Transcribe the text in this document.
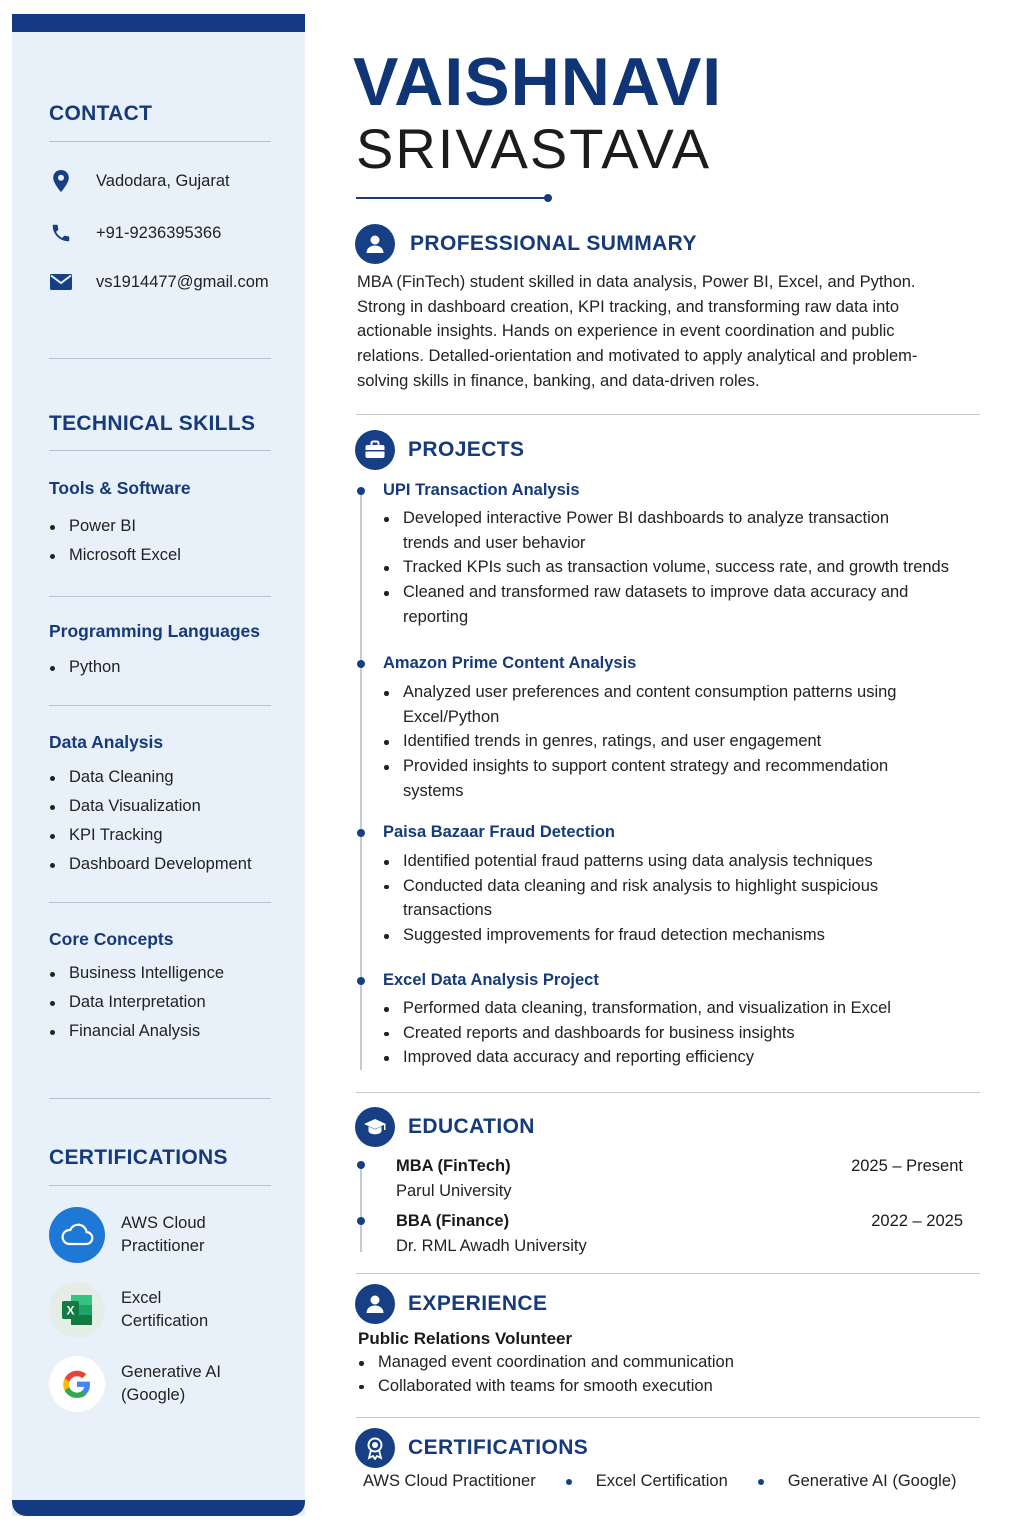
CONTACT
Vadodara, Gujarat
+91-9236395366
vs1914477@gmail.com
TECHNICAL SKILLS
Tools & Software
Power BI
Microsoft Excel
Programming Languages
Python
Data Analysis
Data Cleaning
Data Visualization
KPI Tracking
Dashboard Development
Core Concepts
Business Intelligence
Data Interpretation
Financial Analysis
CERTIFICATIONS
AWS Cloud
Practitioner
X
Excel
Certification
Generative AI
(Google)
VAISHNAVI
SRIVASTAVA
PROFESSIONAL SUMMARY
MBA (FinTech) student skilled in data analysis, Power BI, Excel, and Python. Strong in dashboard creation, KPI tracking, and transforming raw data into actionable insights. Hands on experience in event coordination and public relations. Detalled-orientation and motivated to apply analytical and problem-solving skills in finance, banking, and data-driven roles.
PROJECTS
UPI Transaction Analysis
Developed interactive Power BI dashboards to analyze transaction
trends and user behavior
Tracked KPIs such as transaction volume, success rate, and growth trends
Cleaned and transformed raw datasets to improve data accuracy and
reporting
Amazon Prime Content Analysis
Analyzed user preferences and content consumption patterns using
Excel/Python
Identified trends in genres, ratings, and user engagement
Provided insights to support content strategy and recommendation
systems
Paisa Bazaar Fraud Detection
Identified potential fraud patterns using data analysis techniques
Conducted data cleaning and risk analysis to highlight suspicious
transactions
Suggested improvements for fraud detection mechanisms
Excel Data Analysis Project
Performed data cleaning, transformation, and visualization in Excel
Created reports and dashboards for business insights
Improved data accuracy and reporting efficiency
EDUCATION
MBA (FinTech)	2025 – Present
Parul University
BBA (Finance)	2022 – 2025
Dr. RML Awadh University
EXPERIENCE
Public Relations Volunteer
Managed event coordination and communication
Collaborated with teams for smooth execution
CERTIFICATIONS
AWS Cloud Practitioner	Excel Certification	Generative AI (Google)
